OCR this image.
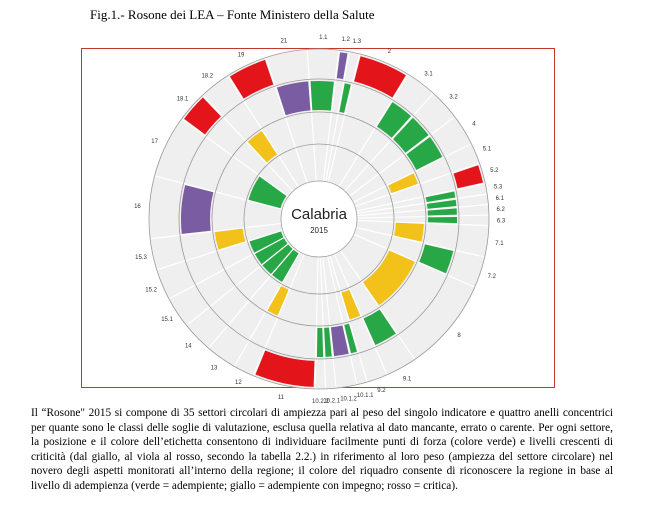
Fig.1.- Rosone dei LEA – Fonte Ministero della Salute
1.1 1.2 1.3
2
3.1
3.2
4
5.1
5.2
5.3
6.1
6.2
6.3
7.1
7.2
8
9.1
9.2
10.1.1
10.1.2
10.2.1
10.2.2
11
12
13
14
15.1
15.2
15.3
16
17
18.1
18.2
19
21
Calabria
2015
Il “Rosone" 2015 si compone di 35 settori circolari di ampiezza pari al peso del singolo indicatore e quattro anelli concentrici per quante sono le classi delle soglie di valutazione, esclusa quella relativa al dato mancante, errato o carente. Per ogni settore, la posizione e il colore dell’etichetta consentono di individuare facilmente punti di forza (colore verde) e livelli crescenti di criticità (dal giallo, al viola al rosso, secondo la tabella 2.2.) in riferimento al loro peso (ampiezza del settore circolare) nel novero degli aspetti monitorati all’interno della regione; il colore del riquadro consente di riconoscere la regione in base al livello di adempienza (verde = adempiente; giallo = adempiente con impegno; rosso = critica).
